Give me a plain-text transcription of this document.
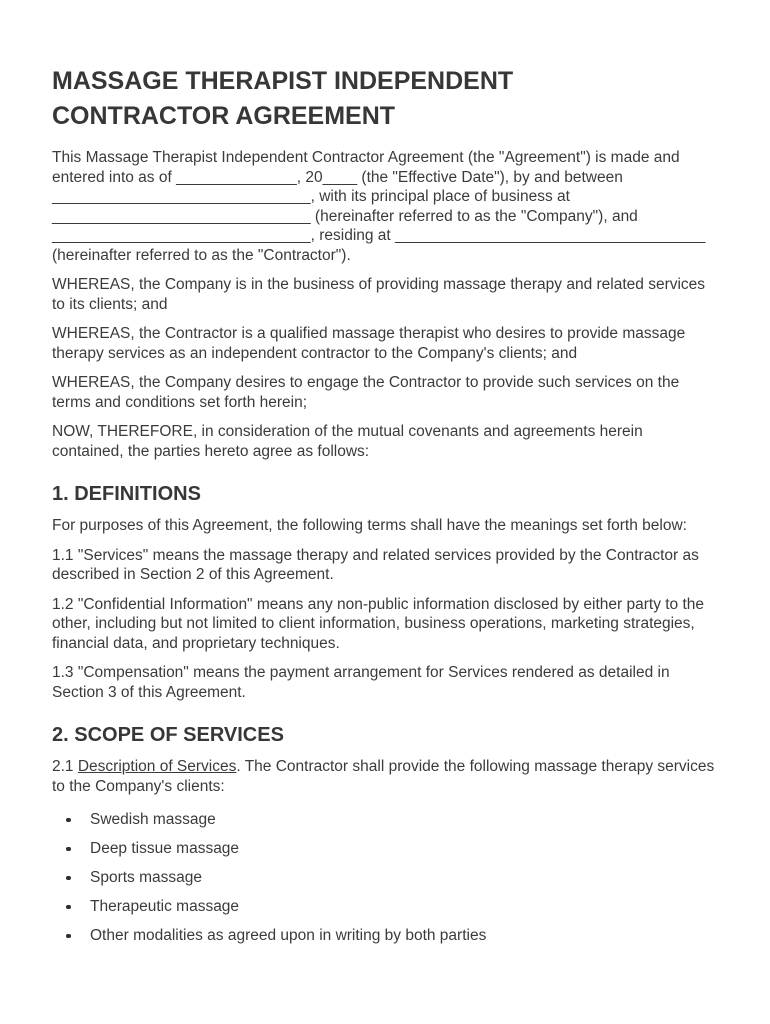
MASSAGE THERAPIST INDEPENDENT CONTRACTOR AGREEMENT

This Massage Therapist Independent Contractor Agreement (the "Agreement") is made and entered into as of ______________, 20____ (the "Effective Date"), by and between ______________________________, with its principal place of business at ______________________________ (hereinafter referred to as the "Company"), and ______________________________, residing at ____________________________________ (hereinafter referred to as the "Contractor").

WHEREAS, the Company is in the business of providing massage therapy and related services to its clients; and

WHEREAS, the Contractor is a qualified massage therapist who desires to provide massage therapy services as an independent contractor to the Company's clients; and

WHEREAS, the Company desires to engage the Contractor to provide such services on the terms and conditions set forth herein;

NOW, THEREFORE, in consideration of the mutual covenants and agreements herein contained, the parties hereto agree as follows:

1. DEFINITIONS

For purposes of this Agreement, the following terms shall have the meanings set forth below:

1.1 "Services" means the massage therapy and related services provided by the Contractor as described in Section 2 of this Agreement.

1.2 "Confidential Information" means any non-public information disclosed by either party to the other, including but not limited to client information, business operations, marketing strategies, financial data, and proprietary techniques.

1.3 "Compensation" means the payment arrangement for Services rendered as detailed in Section 3 of this Agreement.

2. SCOPE OF SERVICES

2.1 Description of Services. The Contractor shall provide the following massage therapy services to the Company's clients:

Swedish massage
Deep tissue massage
Sports massage
Therapeutic massage
Other modalities as agreed upon in writing by both parties
